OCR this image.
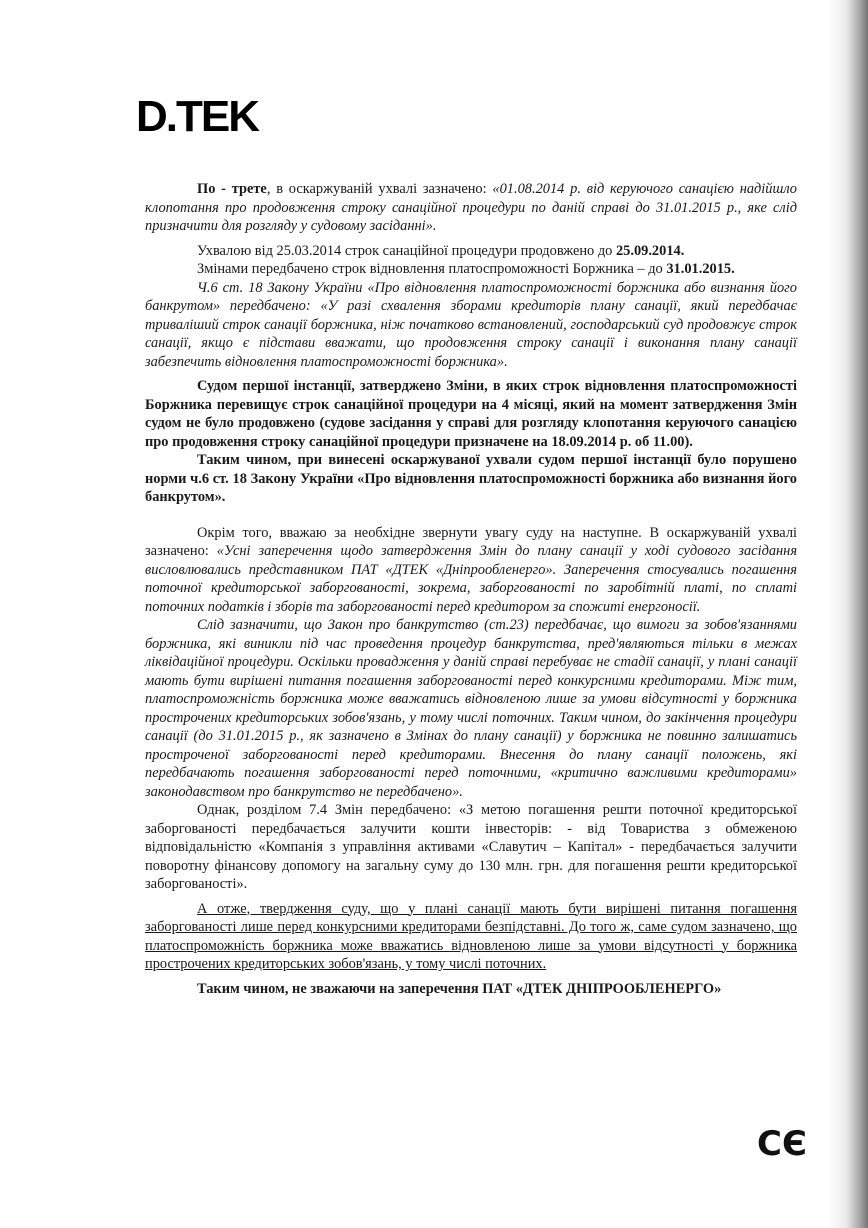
D.TEK

По - трете, в оскаржуваній ухвалі зазначено: «01.08.2014 р. від керуючого санацією надійшло клопотання про продовження строку санаційної процедури по даній справі до 31.01.2015 р., яке слід призначити для розгляду у судовому засіданні».

Ухвалою від 25.03.2014 строк санаційної процедури продовжено до 25.09.2014.

Змінами передбачено строк відновлення платоспроможності Боржника – до 31.01.2015.

Ч.6 ст. 18 Закону України «Про відновлення платоспроможності боржника або визнання його банкрутом» передбачено: «У разі схвалення зборами кредиторів плану санації, який передбачає триваліший строк санації боржника, ніж початково встановлений, господарський суд продовжує строк санації, якщо є підстави вважати, що продовження строку санації і виконання плану санації забезпечить відновлення платоспроможності боржника».

Судом першої інстанції, затверджено Зміни, в яких строк відновлення платоспроможності Боржника перевищує строк санаційної процедури на 4 місяці, який на момент затвердження Змін судом не було продовжено (судове засідання у справі для розгляду клопотання керуючого санацією про продовження строку санаційної процедури призначене на 18.09.2014 р. об 11.00).

Таким чином, при винесені оскаржуваної ухвали судом першої інстанції було порушено норми ч.6 ст. 18 Закону України «Про відновлення платоспроможності боржника або визнання його банкрутом».

Окрім того, вважаю за необхідне звернути увагу суду на наступне. В оскаржуваній ухвалі зазначено: «Усні заперечення щодо затвердження Змін до плану санації у ході судового засідання висловлювались представником ПАТ «ДТЕК «Дніпрообленерго». Заперечення стосувались погашення поточної кредиторської заборгованості, зокрема, заборгованості по заробітній платі, по сплаті поточних податків і зборів та заборгованості перед кредитором за спожиті енергоносії.

Слід зазначити, що Закон про банкрутство (ст.23) передбачає, що вимоги за зобов'язаннями боржника, які виникли під час проведення процедур банкрутства, пред'являються тільки в межах ліквідаційної процедури. Оскільки провадження у даній справі перебуває не стадії санації, у плані санації мають бути вирішені питання погашення заборгованості перед конкурсними кредиторами. Між тим, платоспроможність боржника може вважатись відновленою лише за умови відсутності у боржника прострочених кредиторських зобов'язань, у тому числі поточних. Таким чином, до закінчення процедури санації (до 31.01.2015 р., як зазначено в Змінах до плану санації) у боржника не повинно залишатись простроченої заборгованості перед кредиторами. Внесення до плану санації положень, які передбачають погашення заборгованості перед поточними, «критично важливими кредиторами» законодавством про банкрутство не передбачено».

Однак, розділом 7.4 Змін передбачено: «З метою погашення решти поточної кредиторської заборгованості передбачається залучити кошти інвесторів: - від Товариства з обмеженою відповідальністю «Компанія з управління активами «Славутич – Капітал» - передбачається залучити поворотну фінансову допомогу на загальну суму до 130 млн. грн. для погашення решти кредиторської заборгованості».

А отже, твердження суду, що у плані санації мають бути вирішені питання погашення заборгованості лише перед конкурсними кредиторами безпідставні. До того ж, саме судом зазначено, що платоспроможність боржника може вважатись відновленою лише за умови відсутності у боржника прострочених кредиторських зобов'язань, у тому числі поточних.

Таким чином, не зважаючи на заперечення ПАТ «ДТЕК ДНІПРООБЛЕНЕРГО»

СЄ
